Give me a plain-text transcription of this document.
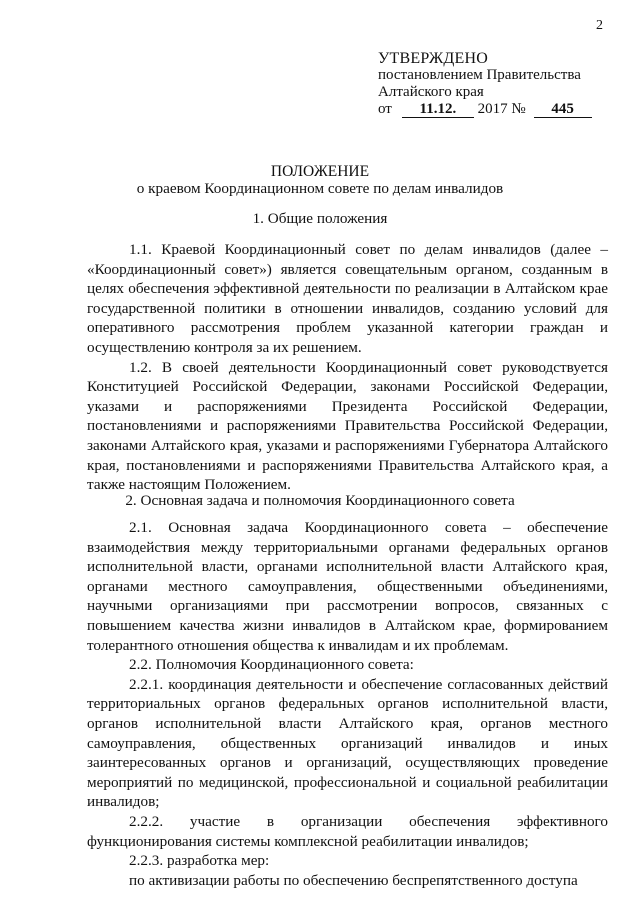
2
УТВЕРЖДЕНО
постановлением Правительства
Алтайского края
от 11.12. 2017 № 445
ПОЛОЖЕНИЕ
о краевом Координационном совете по делам инвалидов
1. Общие положения

1.1. Краевой Координационный совет по делам инвалидов (далее – «Координационный совет») является совещательным органом, созданным в целях обеспечения эффективной деятельности по реализации в Алтайском крае государственной политики в отношении инвалидов, созданию условий для оперативного рассмотрения проблем указанной категории граждан и осуществлению контроля за их решением.

1.2. В своей деятельности Координационный совет руководствуется Конституцией Российской Федерации, законами Российской Федерации, указами и распоряжениями Президента Российской Федерации, постановлениями и распоряжениями Правительства Российской Федерации, законами Алтайского края, указами и распоряжениями Губернатора Алтайского края, постановлениями и распоряжениями Правительства Алтайского края, а также настоящим Положением.

2. Основная задача и полномочия Координационного совета

2.1. Основная задача Координационного совета – обеспечение взаимодействия между территориальными органами федеральных органов исполнительной власти, органами исполнительной власти Алтайского края, органами местного самоуправления, общественными объединениями, научными организациями при рассмотрении вопросов, связанных с повышением качества жизни инвалидов в Алтайском крае, формированием толерантного отношения общества к инвалидам и их проблемам.

2.2. Полномочия Координационного совета:

2.2.1. координация деятельности и обеспечение согласованных действий территориальных органов федеральных органов исполнительной власти, органов исполнительной власти Алтайского края, органов местного самоуправления, общественных организаций инвалидов и иных заинтересованных органов и организаций, осуществляющих проведение мероприятий по медицинской, профессиональной и социальной реабилитации инвалидов;

2.2.2. участие в организации обеспечения эффективного функционирования системы комплексной реабилитации инвалидов;

2.2.3. разработка мер:

по активизации работы по обеспечению беспрепятственного доступа
